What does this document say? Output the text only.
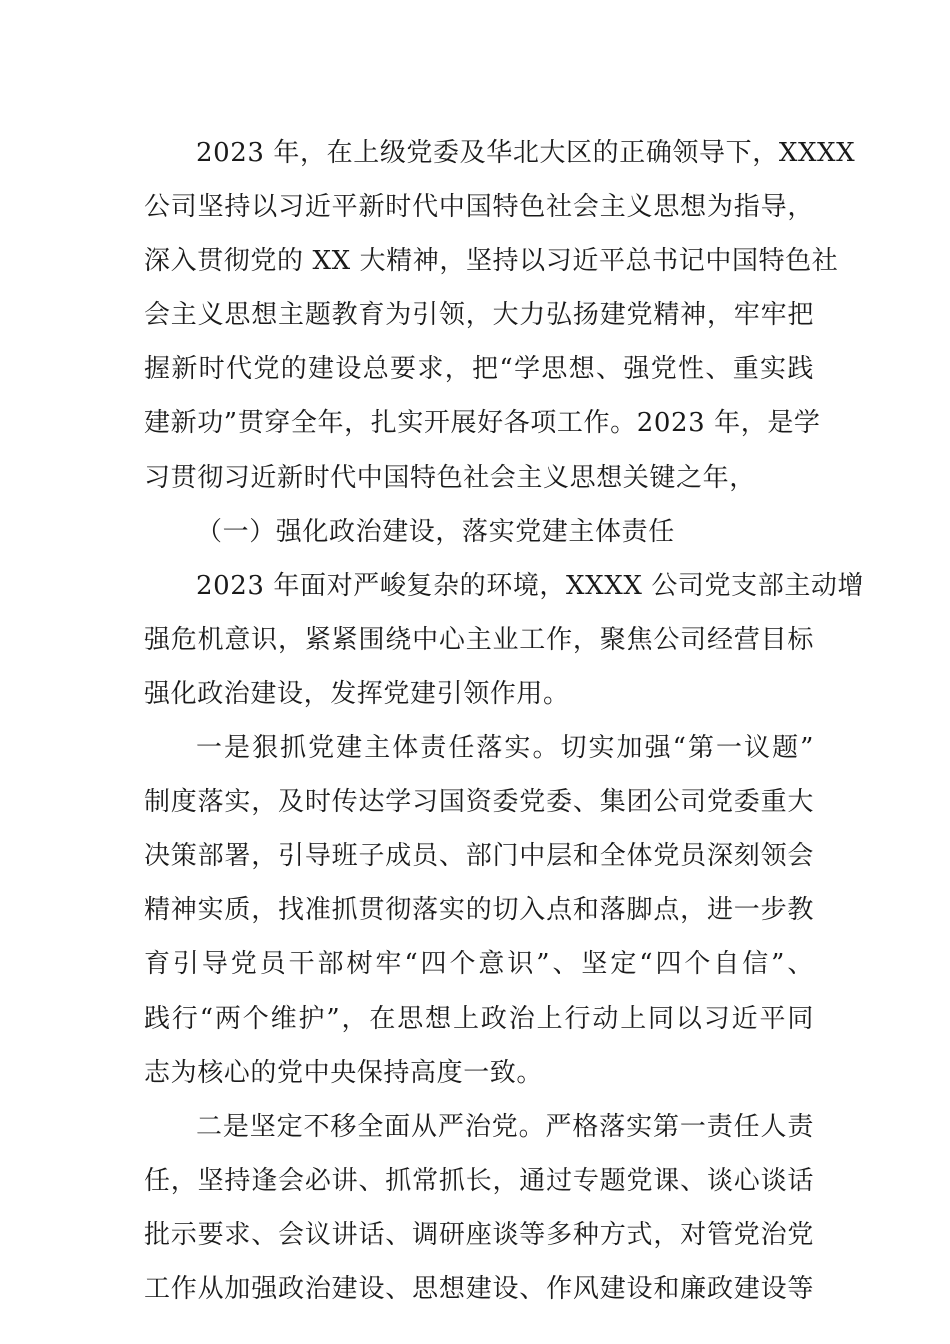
2023 年，在上级党委及华北大区的正确领导下，XXXX
公司坚持以习近平新时代中国特色社会主义思想为指导，
深入贯彻党的 XX 大精神，坚持以习近平总书记中国特色社
会主义思想主题教育为引领，大力弘扬建党精神，牢牢把
握新时代党的建设总要求，把“学思想、强党性、重实践
建新功”贯穿全年，扎实开展好各项工作。2023 年，是学
习贯彻习近新时代中国特色社会主义思想关键之年，
（一）强化政治建设，落实党建主体责任
2023 年面对严峻复杂的环境，XXXX 公司党支部主动增
强危机意识，紧紧围绕中心主业工作，聚焦公司经营目标
强化政治建设，发挥党建引领作用。
一是狠抓党建主体责任落实。切实加强“第一议题”
制度落实，及时传达学习国资委党委、集团公司党委重大
决策部署，引导班子成员、部门中层和全体党员深刻领会
精神实质，找准抓贯彻落实的切入点和落脚点，进一步教
育引导党员干部树牢“四个意识”、坚定“四个自信”、
践行“两个维护”，在思想上政治上行动上同以习近平同
志为核心的党中央保持高度一致。
二是坚定不移全面从严治党。严格落实第一责任人责
任，坚持逢会必讲、抓常抓长，通过专题党课、谈心谈话
批示要求、会议讲话、调研座谈等多种方式，对管党治党
工作从加强政治建设、思想建设、作风建设和廉政建设等
